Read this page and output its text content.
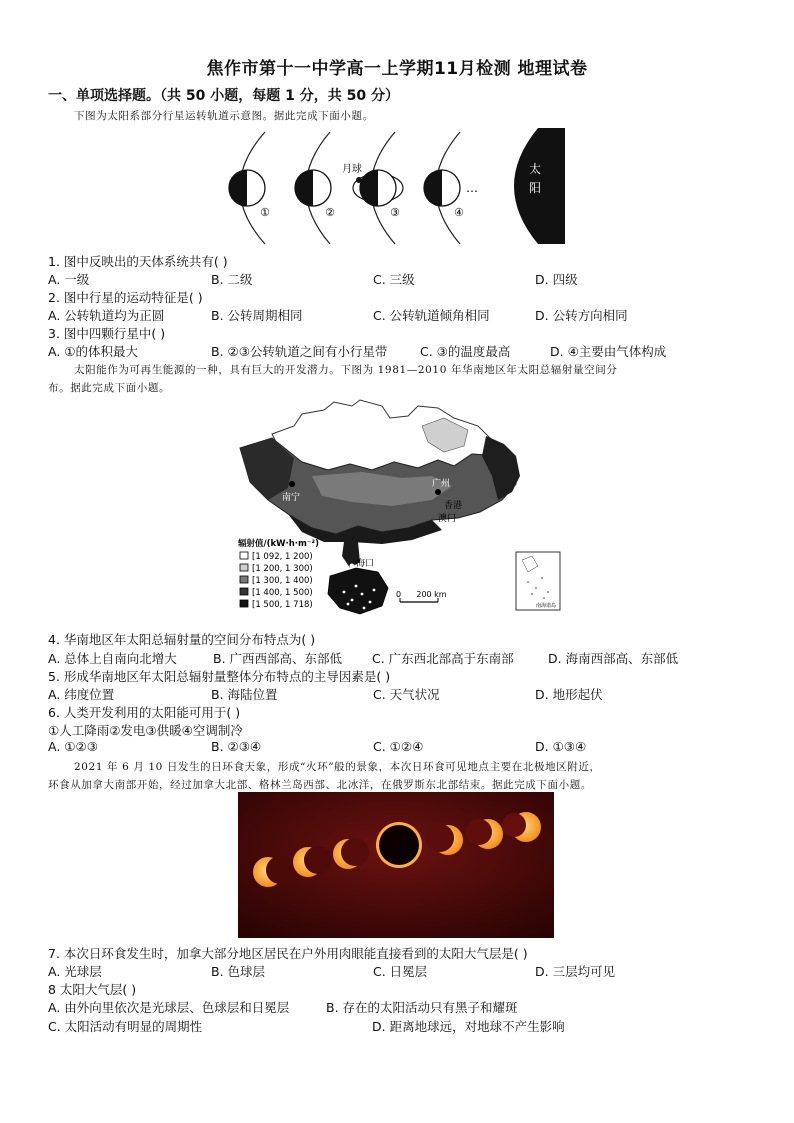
焦作市第十一中学高一上学期11月检测 地理试卷
一、单项选择题。（共 50 小题，每题 1 分，共 50 分）
下图为太阳系部分行星运转轨道示意图。据此完成下面小题。
月球
…
太
阳
①	②	③	④
1. 图中反映出的天体系统共有( )
A. 一级	B. 二级	C. 三级	D. 四级
2. 图中行星的运动特征是( )
A. 公转轨道均为正圆	B. 公转周期相同	C. 公转轨道倾角相同	D. 公转方向相同
3. 图中四颗行星中( )
A. ①的体积最大	B. ②③公转轨道之间有小行星带	C. ③的温度最高	D. ④主要由气体构成
太阳能作为可再生能源的一种，具有巨大的开发潜力。下图为 1981—2010 年华南地区年太阳总辐射量空间分
布。据此完成下面小题。
南宁
广州
香港
澳门
海口
辐射值/(kW·h·m⁻²)
[1 092, 1 200)
[1 200, 1 300)
[1 300, 1 400)
[1 400, 1 500)
[1 500, 1 718)
0      200 km
南海诸岛
4. 华南地区年太阳总辐射量的空间分布特点为( )
A. 总体上自南向北增大	B. 广西西部高、东部低 C. 广东西北部高于东南部	D. 海南西部高、东部低
5. 形成华南地区年太阳总辐射量整体分布特点的主导因素是( )
A. 纬度位置	B. 海陆位置	C. 天气状况	D. 地形起伏
6. 人类开发利用的太阳能可用于( )
①人工降雨②发电③供暖④空调制冷
A. ①②③	B. ②③④	C. ①②④	D. ①③④
2021 年 6 月 10 日发生的日环食天象，形成“火环”般的景象，本次日环食可见地点主要在北极地区附近，
环食从加拿大南部开始，经过加拿大北部、格林兰岛西部、北冰洋，在俄罗斯东北部结束。据此完成下面小题。
7. 本次日环食发生时，加拿大部分地区居民在户外用肉眼能直接看到的太阳大气层是( )
A. 光球层	B. 色球层	C. 日冕层	D. 三层均可见
8 太阳大气层( )
A. 由外向里依次是光球层、色球层和日冕层	B. 存在的太阳活动只有黑子和耀斑
C. 太阳活动有明显的周期性	D. 距离地球远，对地球不产生影响
